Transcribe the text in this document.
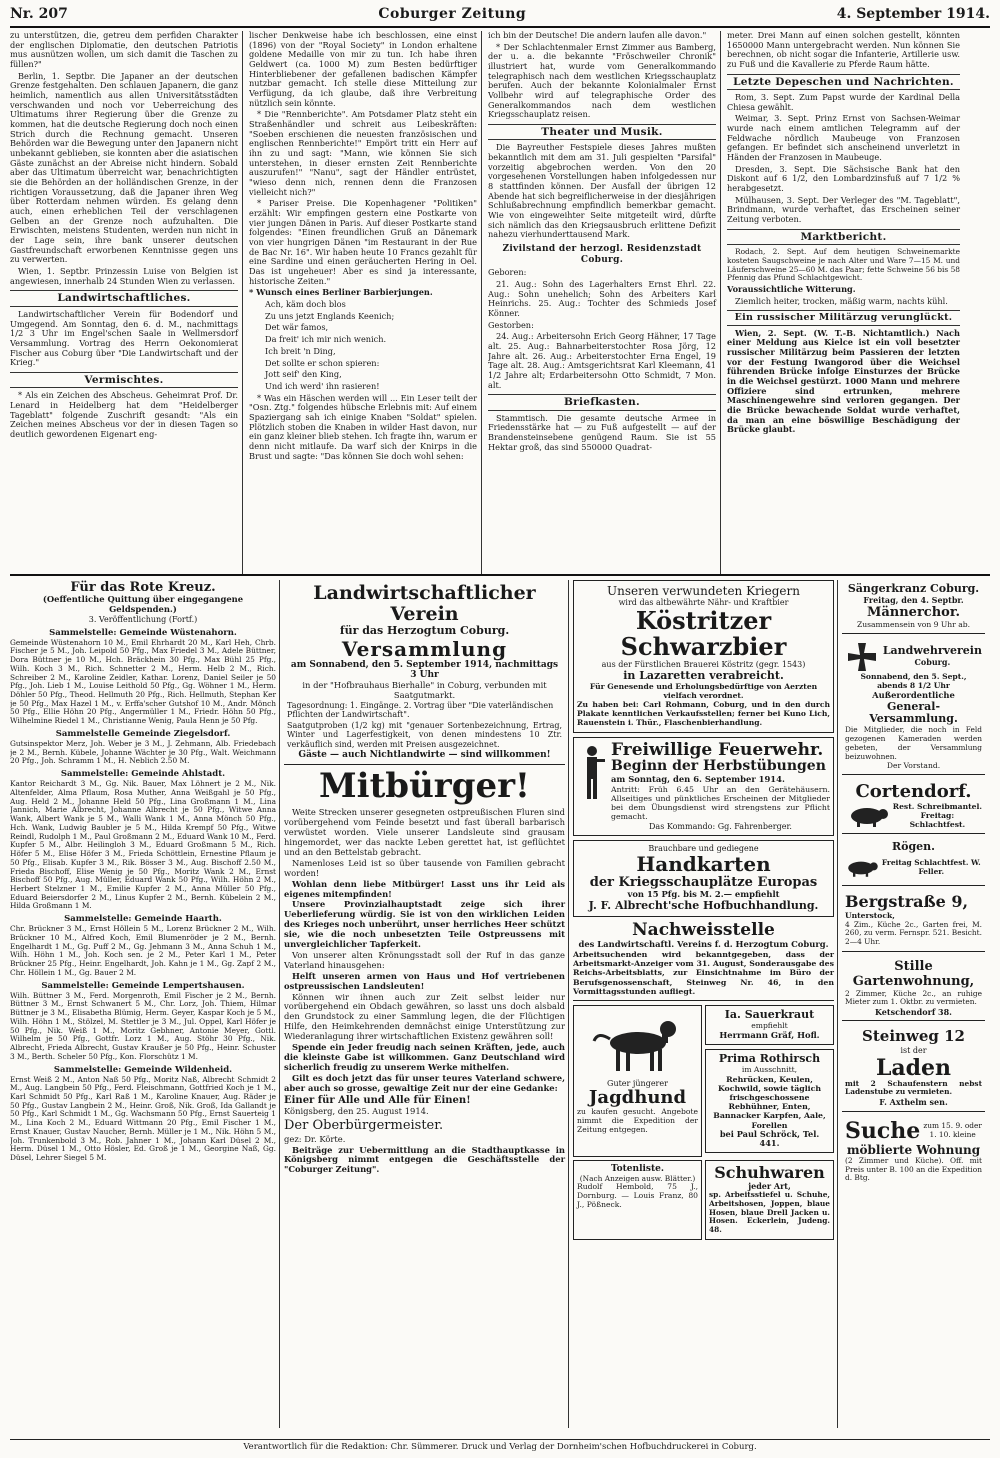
Nr. 207	Coburger Zeitung	4. September 1914.

zu unterstützen, die, getreu dem perfiden Charakter der englischen Diplomatie, den deutschen Patriotis mus ausnützen wollen, um sich damit die Taschen zu füllen?"

Berlin, 1. Septbr. Die Japaner an der deutschen Grenze festgehalten. Den schlauen Japanern, die ganz heimlich, namentlich aus allen Universitätsstädten verschwanden und noch vor Ueberreichung des Ultimatums ihrer Regierung über die Grenze zu kommen, hat die deutsche Regierung doch noch einen Strich durch die Rechnung gemacht. Unseren Behörden war die Bewegung unter den Japanern nicht unbekannt geblieben, sie konnten aber die asiatischen Gäste zunächst an der Abreise nicht hindern. Sobald aber das Ultimatum überreicht war, benachrichtigten sie die Behörden an der holländischen Grenze, in der richtigen Voraussetzung, daß die Japaner ihren Weg über Rotterdam nehmen würden. Es gelang denn auch, einen erheblichen Teil der verschlagenen Gelben an der Grenze noch aufzuhalten. Die Erwischten, meistens Studenten, werden nun nicht in der Lage sein, ihre bank unserer deutschen Gastfreundschaft erworbenen Kenntnisse gegen uns zu verwerten.

Wien, 1. Septbr. Prinzessin Luise von Belgien ist angewiesen, innerhalb 24 Stunden Wien zu verlassen.

Landwirtschaftliches.

Landwirtschaftlicher Verein für Bodendorf und Umgegend. Am Sonntag, den 6. d. M., nachmittags 1/2 3 Uhr im Engel'schen Saale in Wellmersdorf Versammlung. Vortrag des Herrn Oekonomierat Fischer aus Coburg über "Die Landwirtschaft und der Krieg."

Vermischtes.

* Als ein Zeichen des Abscheus. Geheimrat Prof. Dr. Lenard in Heidelberg hat dem "Heidelberger Tageblatt" folgende Zuschrift gesandt: "Als ein Zeichen meines Abscheus vor der in diesen Tagen so deutlich gewordenen Eigenart eng-

lischer Denkweise habe ich beschlossen, eine einst (1896) von der "Royal Society" in London erhaltene goldene Medaille von mir zu tun. Ich habe ihren Geldwert (ca. 1000 M) zum Besten bedürftiger Hinterbliebener der gefallenen badischen Kämpfer nutzbar gemacht. Ich stelle diese Mitteilung zur Verfügung, da ich glaube, daß ihre Verbreitung nützlich sein könnte.

* Die "Rennberichte". Am Potsdamer Platz steht ein Straßenhändler und schreit aus Leibeskräften: "Soeben erschienen die neuesten französischen und englischen Rennberichte!" Empört tritt ein Herr auf ihn zu und sagt: "Mann, wie können Sie sich unterstehen, in dieser ernsten Zeit Rennberichte auszurufen!" "Nanu", sagt der Händler entrüstet, "wieso denn nich, rennen denn die Franzosen vielleicht nich?"

* Pariser Preise. Die Kopenhagener "Politiken" erzählt: Wir empfingen gestern eine Postkarte von vier jungen Dänen in Paris. Auf dieser Postkarte stand folgendes: "Einen freundlichen Gruß an Dänemark von vier hungrigen Dänen "im Restaurant in der Rue de Bac Nr. 16". Wir haben heute 10 Francs gezahlt für eine Sardine und einen geräucherten Hering in Oel. Das ist ungeheuer! Aber es sind ja interessante, historische Zeiten."

* Wunsch eines Berliner Barbierjungen.

Ach, käm doch blos

Zu uns jetzt Englands Keenich;

Det wär famos,

Da freit' ich mir nich wenich.

Ich breit 'n Ding,

Det sollte er schon spieren:

Jott seif' den King,

Und ich werd' ihn rasieren!

* Was ein Häschen werden will ... Ein Leser teilt der "Osn. Ztg." folgendes hübsche Erlebnis mit: Auf einem Spaziergang sah ich einige Knaben "Soldat" spielen. Plötzlich stoben die Knaben in wilder Hast davon, nur ein ganz kleiner blieb stehen. Ich fragte ihn, warum er denn nicht mitlaufe. Da warf sich der Knirps in die Brust und sagte: "Das können Sie doch wohl sehen:

ich bin der Deutsche! Die andern laufen alle davon."

* Der Schlachtenmaler Ernst Zimmer aus Bamberg, der u. a. die bekannte "Fröschweiler Chronik" illustriert hat, wurde vom Generalkommando telegraphisch nach dem westlichen Kriegsschauplatz berufen. Auch der bekannte Kolonialmaler Ernst Vollbehr wird auf telegraphische Order des Generalkommandos nach dem westlichen Kriegsschauplatz reisen.

Theater und Musik.

Die Bayreuther Festspiele dieses Jahres mußten bekanntlich mit dem am 31. Juli gespielten "Parsifal" vorzeitig abgebrochen werden. Von den 20 vorgesehenen Vorstellungen haben infolgedessen nur 8 stattfinden können. Der Ausfall der übrigen 12 Abende hat sich begreiflicherweise in der diesjährigen Schlußabrechnung empfindlich bemerkbar gemacht. Wie von eingeweihter Seite mitgeteilt wird, dürfte sich nämlich das den Kriegsausbruch erlittene Defizit nahezu vierhunderttausend Mark.

Zivilstand der herzogl. Residenzstadt Coburg.

Geboren:

21. Aug.: Sohn des Lagerhalters Ernst Ehrl. 22. Aug.: Sohn unehelich; Sohn des Arbeiters Karl Heinrichs. 25. Aug.: Tochter des Schmieds Josef Könner.

Gestorben:

24. Aug.: Arbeitersohn Erich Georg Hähner, 17 Tage alt. 25. Aug.: Bahnarbeiterstochter Rosa Jörg, 12 Jahre alt. 26. Aug.: Arbeiterstochter Erna Engel, 19 Tage alt. 28. Aug.: Amtsgerichtsrat Karl Kleemann, 41 1/2 Jahre alt; Erdarbeitersohn Otto Schmidt, 7 Mon. alt.

Briefkasten.

Stammtisch. Die gesamte deutsche Armee in Friedensstärke hat — zu Fuß aufgestellt — auf der Brandensteinsebene genügend Raum. Sie ist 55 Hektar groß, das sind 550000 Quadrat-

meter. Drei Mann auf einen solchen gestellt, könnten 1650000 Mann untergebracht werden. Nun können Sie berechnen, ob nicht sogar die Infanterie, Artillerie usw. zu Fuß und die Kavallerie zu Pferde Raum hätte.

Letzte Depeschen und Nachrichten.

Rom, 3. Sept. Zum Papst wurde der Kardinal Della Chiesa gewählt.

Weimar, 3. Sept. Prinz Ernst von Sachsen-Weimar wurde nach einem amtlichen Telegramm auf der Feldwache nördlich Maubeuge von Franzosen gefangen. Er befindet sich anscheinend unverletzt in Händen der Franzosen in Maubeuge.

Dresden, 3. Sept. Die Sächsische Bank hat den Diskont auf 6 1/2, den Lombardzinsfuß auf 7 1/2 % herabgesetzt.

Mülhausen, 3. Sept. Der Verleger des "M. Tageblatt", Brindmann, wurde verhaftet, das Erscheinen seiner Zeitung verboten.

Marktbericht.

Rodach, 2. Sept. Auf dem heutigen Schweinemarkte kosteten Saugschweine je nach Alter und Ware 7—15 M. und Läuferschweine 25—60 M. das Paar; fette Schweine 56 bis 58 Pfennig das Pfund Schlachtgewicht.

Voraussichtliche Witterung.

Ziemlich heiter, trocken, mäßig warm, nachts kühl.

Ein russischer Militärzug verunglückt.

Wien, 2. Sept. (W. T.-B. Nichtamtlich.) Nach einer Meldung aus Kielce ist ein voll besetzter russischer Militärzug beim Passieren der letzten vor der Festung Iwangorod über die Weichsel führenden Brücke infolge Einsturzes der Brücke in die Weichsel gestürzt. 1000 Mann und mehrere Offiziere sind ertrunken, mehrere Maschinengewehre sind verloren gegangen. Der die Brücke bewachende Soldat wurde verhaftet, da man an eine böswillige Beschädigung der Brücke glaubt.

Für das Rote Kreuz.
(Oeffentliche Quittung über eingegangene Geldspenden.)
3. Veröffentlichung (Fortf.)
Sammelstelle: Gemeinde Wüstenahorn.

Gemeinde Wüstenahorn 10 M., Emil Ehrhardt 20 M., Karl Heh, Chrb. Fischer je 5 M., Joh. Leipold 50 Pfg., Max Friedel 3 M., Adele Büttner, Dora Büttner je 10 M., Hch. Bräckhein 30 Pfg., Max Bühl 25 Pfg., Wilh. Koch 3 M., Rich. Schnetter 2 M., Herm. Helb 2 M., Rich. Schreiber 2 M., Karoline Zeidler, Kathar. Lorenz, Daniel Seiler je 50 Pfg., Joh. Lieb 1 M., Louise Leithold 50 Pfg., Gg. Wöhner 1 M., Herm. Döhler 50 Pfg., Theod. Hellmuth 20 Pfg., Rich. Hellmuth, Stephan Ker je 50 Pfg., Max Hazel 1 M., v. Erffa'scher Gutshof 10 M., Andr. Mönch 50 Pfg., Ellie Höhn 20 Pfg., Angermüller 1 M., Friedr. Höhn 50 Pfg., Wilhelmine Riedel 1 M., Christianne Wenig, Paula Henn je 50 Pfg.

Sammelstelle Gemeinde Ziegelsdorf.

Gutsinspektor Merz, Joh. Weber je 3 M., J. Zehmann, Alb. Friedebach je 2 M., Bernh. Kübele, Johanne Wächter je 30 Pfg., Walt. Weichmann 20 Pfg., Joh. Schramm 1 M., H. Neblich 2.50 M.

Sammelstelle: Gemeinde Ahlstadt.

Kantor Reichardt 3 M., Gg. Nik. Bauer, Max Löhnert je 2 M., Nik. Altenfelder, Alma Pflaum, Rosa Muther, Anna Weißgahl je 50 Pfg., Aug. Held 2 M., Johanne Held 50 Pfg., Lina Großmann 1 M., Lina Jannich, Marie Albrecht, Johanne Albrecht je 50 Pfg., Witwe Anna Wank, Albert Wank je 5 M., Walli Wank 1 M., Anna Mönch 50 Pfg., Hch. Wank, Ludwig Baubler je 5 M., Hilda Krempf 50 Pfg., Witwe Reindl, Rudolph 1 M., Paul Großmann 2 M., Eduard Wank 10 M., Ferd. Kupfer 5 M., Albr. Heilingloh 3 M., Eduard Großmann 5 M., Rich. Höfer 5 M., Elise Höfer 3 M., Frieda Schöttlein, Ernestine Pflaum je 50 Pfg., Elisab. Kupfer 3 M., Rik. Bösser 3 M., Aug. Bischoff 2.50 M., Frieda Bischoff, Elise Wenig je 50 Pfg., Moritz Wank 2 M., Ernst Bischoff 50 Pfg., Aug. Müller, Eduard Wank 50 Pfg., Wilh. Höhn 2 M., Herbert Stelzner 1 M., Emilie Kupfer 2 M., Anna Müller 50 Pfg., Eduard Beiersdorfer 2 M., Linus Kupfer 2 M., Bernh. Kübelein 2 M., Hilda Großmann 1 M.

Sammelstelle: Gemeinde Haarth.

Chr. Brückner 3 M., Ernst Höllein 5 M., Lorenz Brückner 2 M., Wilh. Brückner 10 M., Alfred Koch, Emil Blumenröder je 2 M., Bernh. Engelhardt 1 M., Gg. Puff 2 M., Gg. Jehmann 3 M., Anna Schuh 1 M., Wilh. Höhn 1 M., Joh. Koch sen. je 2 M., Peter Karl 1 M., Peter Brückner 25 Pfg., Heinr. Engelhardt, Joh. Kahn je 1 M., Gg. Zapf 2 M., Chr. Höllein 1 M., Gg. Bauer 2 M.

Sammelstelle: Gemeinde Lempertshausen.

Wilh. Büttner 3 M., Ferd. Morgenroth, Emil Fischer je 2 M., Bernh. Büttner 3 M., Ernst Schwanert 5 M., Chr. Lorz, Joh. Thiem, Hilmar Büttner je 3 M., Elisabetha Blümig, Herm. Geyer, Kaspar Koch je 5 M., Wilh. Höhn 1 M., Stölzel, M. Stettler je 3 M., Jul. Oppel, Karl Höfer je 50 Pfg., Nik. Weiß 1 M., Moritz Gebhner, Antonie Meyer, Gottl. Wilhelm je 50 Pfg., Gottfr. Lorz 1 M., Aug. Stöhr 30 Pfg., Nik. Albrecht, Frieda Albrecht, Gustav Kraußer je 50 Pfg., Heinr. Schuster 3 M., Berth. Scheler 50 Pfg., Kon. Florschütz 1 M.

Sammelstelle: Gemeinde Wildenheid.

Ernst Weiß 2 M., Anton Naß 50 Pfg., Moritz Naß, Albrecht Schmidt 2 M., Aug. Langbein 50 Pfg., Ferd. Fleischmann, Gottfried Koch je 1 M., Karl Schmidt 50 Pfg., Karl Raß 1 M., Karoline Knauer, Aug. Räder je 50 Pfg., Gustav Langbein 2 M., Heinr. Groß, Nik. Groß, Ida Gallandt je 50 Pfg., Karl Schmidt 1 M., Gg. Wachsmann 50 Pfg., Ernst Sauerteig 1 M., Lina Koch 2 M., Eduard Wittmann 20 Pfg., Emil Fischer 1 M., Ernst Knauer, Gustav Naucher, Bernh. Müller je 1 M., Nik. Höhn 5 M., Joh. Trunkenbold 3 M., Rob. Jahner 1 M., Johann Karl Düsel 2 M., Herm. Düsel 1 M., Otto Hösler, Ed. Groß je 1 M., Georgine Naß, Gg. Düsel, Lehrer Siegel 5 M.

Landwirtschaftlicher Verein
für das Herzogtum Coburg.
Versammlung
am Sonnabend, den 5. September 1914, nachmittags 3 Uhr
in der "Hofbrauhaus Bierhalle" in Coburg, verbunden mit Saatgutmarkt.

Tagesordnung: 1. Eingänge. 2. Vortrag über "Die vaterländischen Pflichten der Landwirtschaft".

Saatgutproben (1/2 kg) mit "genauer Sortenbezeichnung, Ertrag, Winter und Lagerfestigkeit, von denen mindestens 10 Ztr. verkäuflich sind, werden mit Preisen ausgezeichnet.

Gäste — auch Nichtlandwirte — sind willkommen!
Mitbürger!

Weite Strecken unserer gesegneten ostpreußischen Fluren sind vorübergehend vom Feinde besetzt und fast überall barbarisch verwüstet worden. Viele unserer Landsleute sind grausam hingemordet, wer das nackte Leben gerettet hat, ist geflüchtet und an den Bettelstab gebracht.

Namenloses Leid ist so über tausende von Familien gebracht worden!

Wohlan denn liebe Mitbürger! Lasst uns ihr Leid als eigenes mitempfinden!

Unsere Provinzialhauptstadt zeige sich ihrer Ueberlieferung würdig. Sie ist von den wirklichen Leiden des Krieges noch unberührt, unser herrliches Heer schützt sie, wie die noch unbesetzten Teile Ostpreussens mit unvergleichlicher Tapferkeit.

Von unserer alten Krönungsstadt soll der Ruf in das ganze Vaterland hinausgehen:

Helft unseren armen von Haus und Hof vertriebenen ostpreussischen Landsleuten!

Können wir ihnen auch zur Zeit selbst leider nur vorübergehend ein Obdach gewähren, so lasst uns doch alsbald den Grundstock zu einer Sammlung legen, die der Flüchtigen Hilfe, den Heimkehrenden demnächst einige Unterstützung zur Wiederanlagung ihrer wirtschaftlichen Existenz gewähren soll!

Spende ein Jeder freudig nach seinen Kräften, jede, auch die kleinste Gabe ist willkommen. Ganz Deutschland wird sicherlich freudig zu unserem Werke mithelfen.

Gilt es doch jetzt das für unser teures Vaterland schwere, aber auch so grosse, gewaltige Zeit nur der eine Gedanke:

Einer für Alle und Alle für Einen!

Königsberg, den 25. August 1914.

Der Oberbürgermeister.

gez: Dr. Körte.

Beiträge zur Uebermittlung an die Stadthauptkasse in Königsberg nimmt entgegen die Geschäftsstelle der "Coburger Zeitung".

Unseren verwundeten Kriegern
wird das altbewährte Nähr- und Kraftbier
Köstritzer Schwarzbier
aus der Fürstlichen Brauerei Köstritz (gegr. 1543)
in Lazaretten verabreicht.
Für Genesende und Erholungsbedürftige von Aerzten vielfach verordnet.

Zu haben bei: Carl Rohmann, Coburg, und in den durch Plakate kenntlichen Verkaufsstellen; ferner bei Kuno Lich, Rauenstein i. Thür., Flaschenbierhandlung.

Freiwillige Feuerwehr.
Beginn der Herbstübungen
am Sonntag, den 6. September 1914.

Antritt: Früh 6.45 Uhr an den Gerätehäusern. Allseitiges und pünktliches Erscheinen der Mitglieder bei dem Übungsdienst wird strengstens zur Pflicht gemacht.

Das Kommando: Gg. Fahrenberger.
Brauchbare und gediegene
Handkarten
der Kriegsschauplätze Europas
von 15 Pfg. bis M. 2.— empfiehlt
J. F. Albrecht'sche Hofbuchhandlung.
Nachweisstelle
des Landwirtschaftl. Vereins f. d. Herzogtum Coburg.

Arbeitsuchenden wird bekanntgegeben, dass der Arbeitsmarkt-Anzeiger vom 31. August, Sonderausgabe des Reichs-Arbeitsblatts, zur Einsichtnahme im Büro der Berufsgenossenschaft, Steinweg Nr. 46, in den Vormittagsstunden aufliegt.

Guter jüngerer
Jagdhund

zu kaufen gesucht. Angebote nimmt die Expedition der Zeitung entgegen.

Ia. Sauerkraut
empfiehlt
Herrmann Gräf, Hofl.
Prima Rothirsch
im Ausschnitt,
Rehrücken, Keulen, Kochwild, sowie täglich frischgeschossene Rebhühner, Enten, Bannacker Karpfen, Aale, Forellen
bei Paul Schröck, Tel. 441.
Totenliste.
(Nach Anzeigen ausw. Blätter.)

Rudolf Hembold, 75 J., Dornburg. — Louis Franz, 80 J., Pößneck.

Schuhwaren
jeder Art,

sp. Arbeitsstiefel u. Schuhe, Arbeitshosen, Joppen, blaue Hosen, blaue Drell Jacken u. Hosen. Eckerlein, Judeng. 48.

Sängerkranz Coburg.
Freitag, den 4. Septbr.
Männerchor.
Zusammensein von 9 Uhr ab.
Landwehrverein
Coburg.
Sonnabend, den 5. Sept., abends 8 1/2 Uhr
Außerordentliche
General-Versammlung.

Die Mitglieder, die noch in Feld gezogenen Kameraden werden gebeten, der Versammlung beizuwohnen.

Der Vorstand.
Cortendorf.
Rest. Schreibmantel.
Freitag:
Schlachtfest.
Rögen.
Freitag Schlachtfest. W. Feller.
Bergstraße 9, Unterstock,

4 Zim., Küche 2c., Garten frei, M. 260, zu verm. Fernspr. 521. Besicht. 2—4 Uhr.

Stille Gartenwohnung,

2 Zimmer, Küche 2c., an ruhige Mieter zum 1. Oktbr. zu vermieten.

Ketschendorf 38.
Steinweg 12
ist der
Laden

mit 2 Schaufenstern nebst Ladenstube zu vermieten.

F. Axthelm sen.
Suche zum 15. 9. oder 1. 10. kleine
möblierte Wohnung

(2 Zimmer und Küche). Off. mit Preis unter B. 100 an die Expedition d. Btg.

Verantwortlich für die Redaktion: Chr. Sümmerer. Druck und Verlag der Dornheim'schen Hofbuchdruckerei in Coburg.
